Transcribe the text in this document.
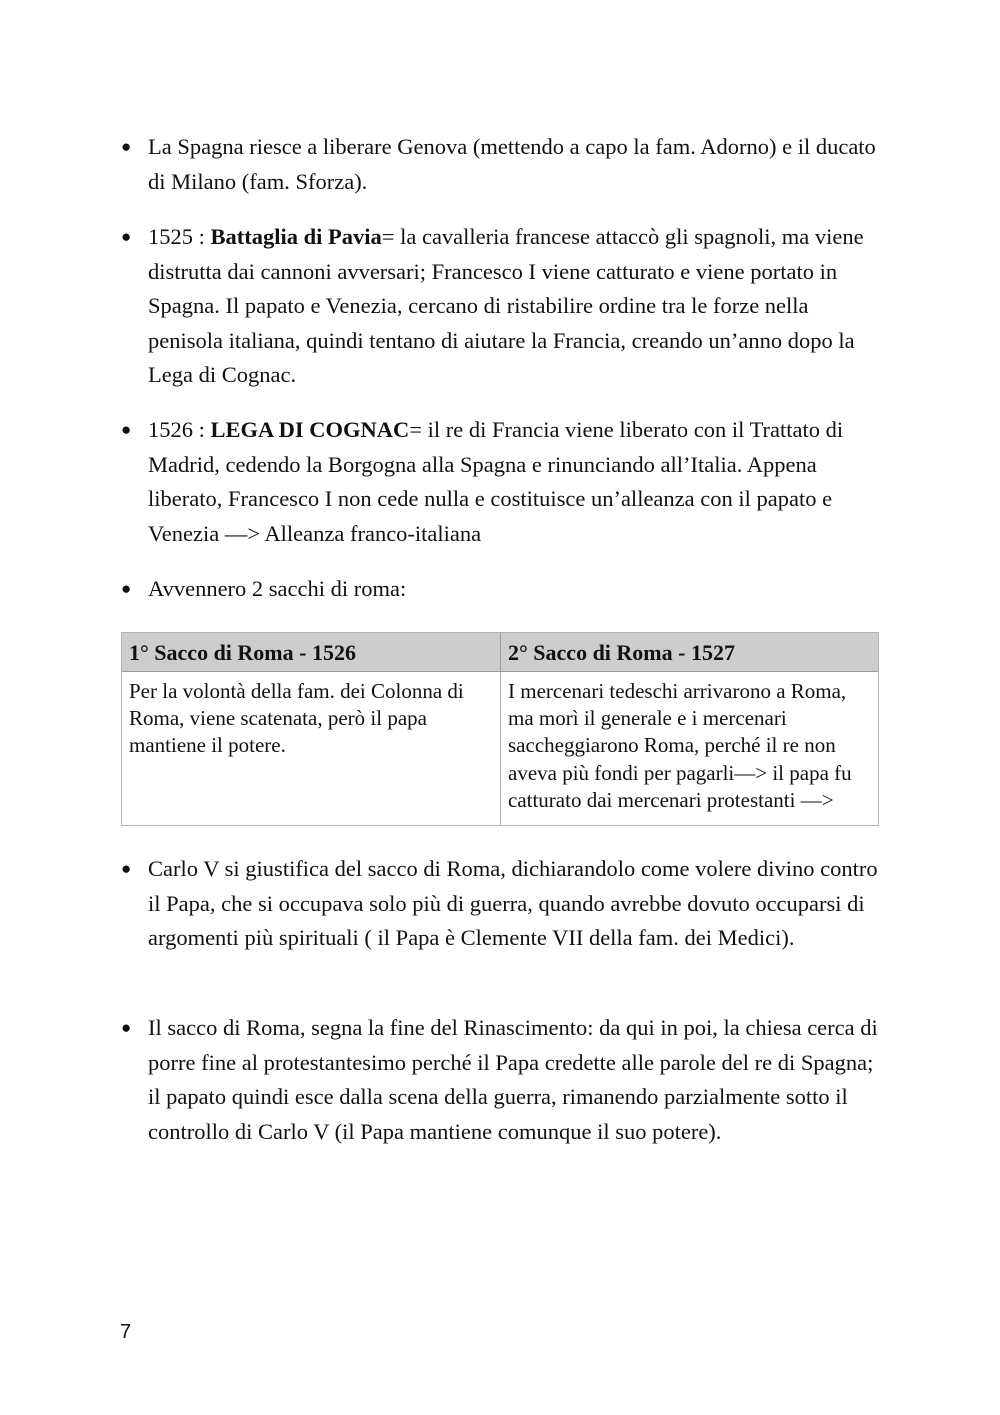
● La Spagna riesce a liberare Genova (mettendo a capo la fam. Adorno) e il ducato di Milano (fam. Sforza).
● 1525 : Battaglia di Pavia= la cavalleria francese attaccò gli spagnoli, ma viene distrutta dai cannoni avversari; Francesco I viene catturato e viene portato in Spagna. Il papato e Venezia, cercano di ristabilire ordine tra le forze nella penisola italiana, quindi tentano di aiutare la Francia, creando un’anno dopo la Lega di Cognac.
● 1526 : LEGA DI COGNAC= il re di Francia viene liberato con il Trattato di Madrid, cedendo la Borgogna alla Spagna e rinunciando all’Italia. Appena liberato, Francesco I non cede nulla e costituisce un’alleanza con il papato e Venezia —> Alleanza franco-italiana
● Avvennero 2 sacchi di roma:
1° Sacco di Roma - 1526	2° Sacco di Roma - 1527
Per la volontà della fam. dei Colonna di Roma, viene scatenata, però il papa mantiene il potere.
I mercenari tedeschi arrivarono a Roma, ma morì il generale e i mercenari saccheggiarono Roma, perché il re non aveva più fondi per pagarli—> il papa fu catturato dai mercenari protestanti —>
● Carlo V si giustifica del sacco di Roma, dichiarandolo come volere divino contro il Papa, che si occupava solo più di guerra, quando avrebbe dovuto occuparsi di argomenti più spirituali ( il Papa è Clemente VII della fam. dei Medici).
● Il sacco di Roma, segna la fine del Rinascimento: da qui in poi, la chiesa cerca di porre fine al protestantesimo perché il Papa credette alle parole del re di Spagna; il papato quindi esce dalla scena della guerra, rimanendo parzialmente sotto il controllo di Carlo V (il Papa mantiene comunque il suo potere).
7
